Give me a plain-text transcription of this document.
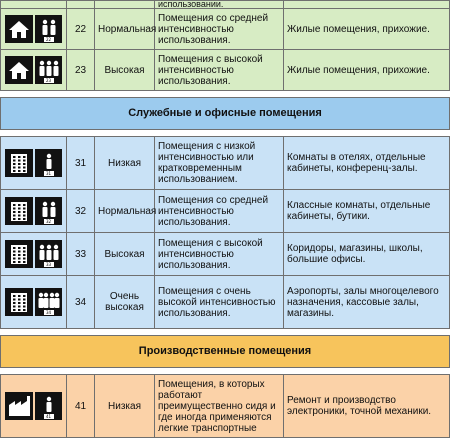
			использовании.	

22	22	Нормальная	Помещения со средней интенсивностью использования.	Жилые помещения, прихожие.

23	23	Высокая	Помещения с высокой интенсивностью использования.	Жилые помещения, прихожие.

Служебные и офисные помещения				

31	31	Низкая	Помещения с низкой интенсивностью или кратковременным использованием.	Комнаты в отелях, отдельные кабинеты, конференц-залы.

32	32	Нормальная	Помещения со средней интенсивностью использования.	Классные комнаты, отдельные кабинеты, бутики.

33	33	Высокая	Помещения с высокой интенсивностью использования.	Коридоры, магазины, школы, большие офисы.

34	34	Очень высокая	Помещения с очень высокой интенсивностью использования.	Аэропорты, залы многоцелевого назначения, кассовые залы, магазины.

Производственные помещения				

41	41	Низкая	Помещения, в которых работают преимущественно сидя и где иногда применяются легкие транспортные	Ремонт и производство электроники, точной механики.
